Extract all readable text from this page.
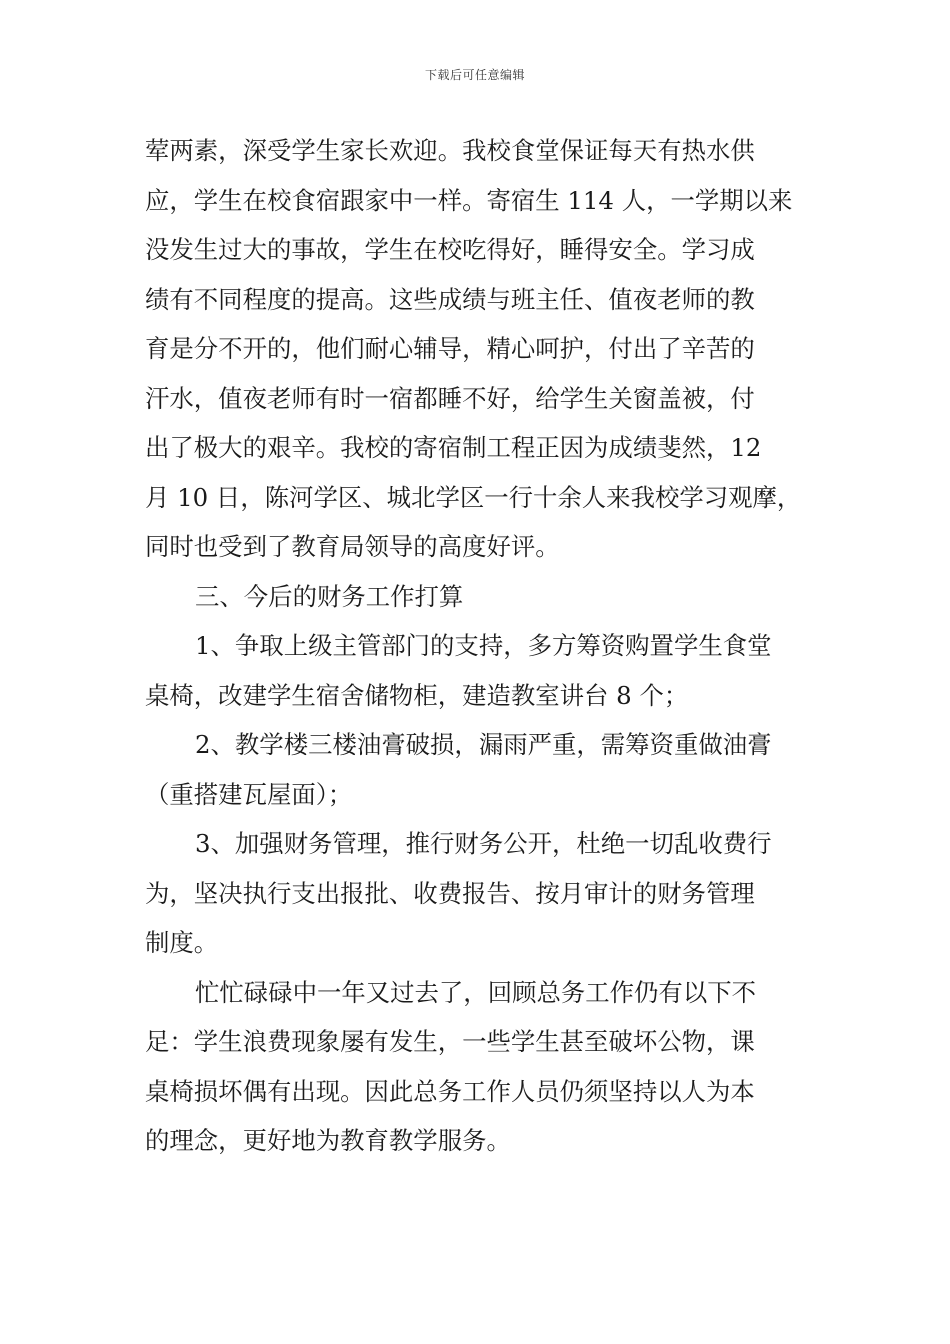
下载后可任意编辑
荤两素，深受学生家长欢迎。我校食堂保证每天有热水供
应，学生在校食宿跟家中一样。寄宿生 114 人，一学期以来
没发生过大的事故，学生在校吃得好，睡得安全。学习成
绩有不同程度的提高。这些成绩与班主任、值夜老师的教
育是分不开的，他们耐心辅导，精心呵护，付出了辛苦的
汗水，值夜老师有时一宿都睡不好，给学生关窗盖被，付
出了极大的艰辛。我校的寄宿制工程正因为成绩斐然，12
月 10 日，陈河学区、城北学区一行十余人来我校学习观摩，
同时也受到了教育局领导的高度好评。
三、今后的财务工作打算
1、争取上级主管部门的支持，多方筹资购置学生食堂
桌椅，改建学生宿舍储物柜，建造教室讲台 8 个；
2、教学楼三楼油膏破损，漏雨严重，需筹资重做油膏
（重搭建瓦屋面）；
3、加强财务管理，推行财务公开，杜绝一切乱收费行
为，坚决执行支出报批、收费报告、按月审计的财务管理
制度。
忙忙碌碌中一年又过去了，回顾总务工作仍有以下不
足：学生浪费现象屡有发生，一些学生甚至破坏公物，课
桌椅损坏偶有出现。因此总务工作人员仍须坚持以人为本
的理念，更好地为教育教学服务。
